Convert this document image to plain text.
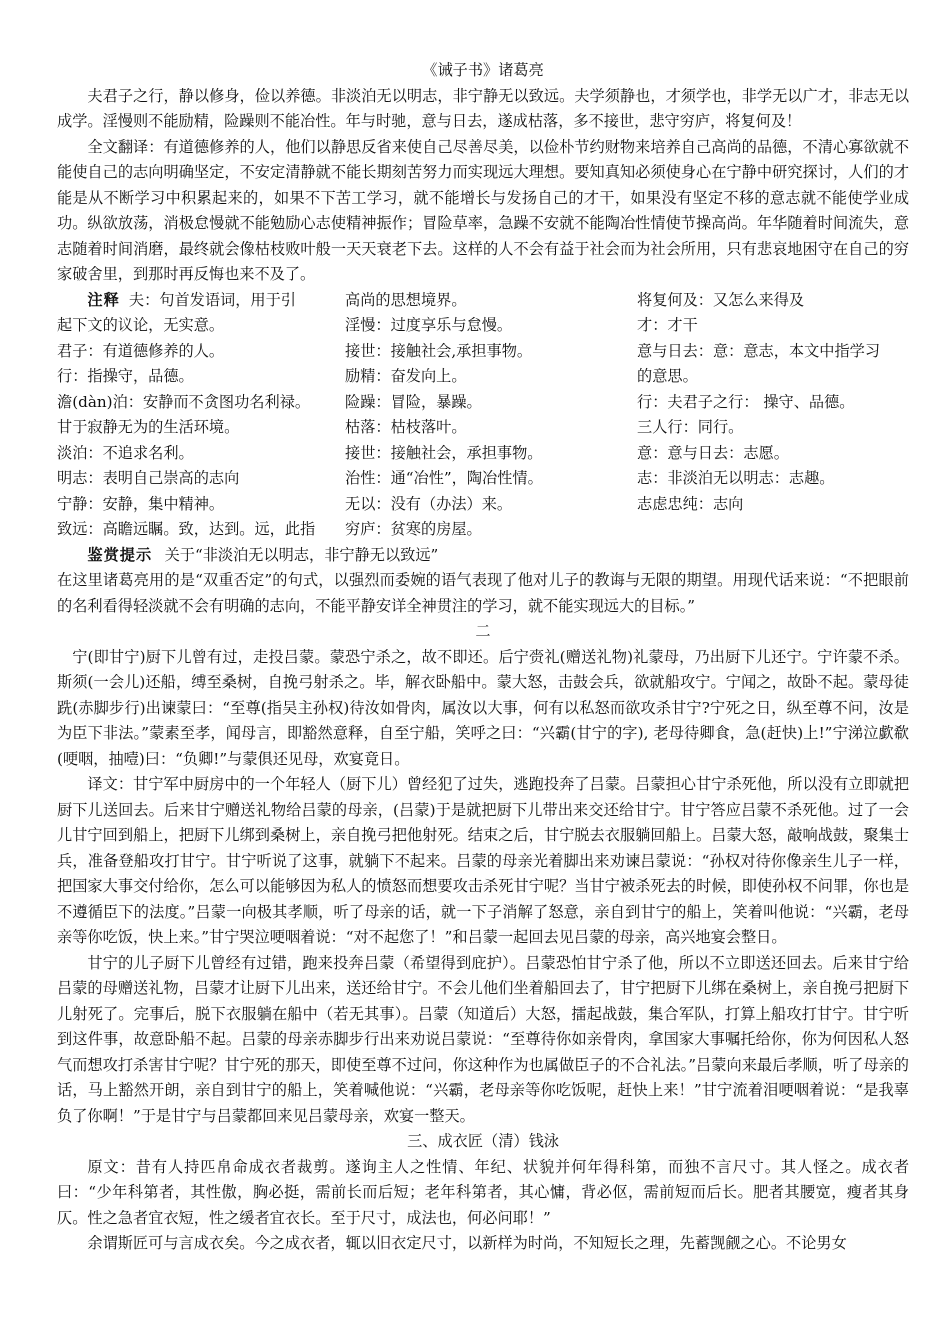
《诫子书》诸葛亮

夫君子之行，静以修身，俭以养德。非淡泊无以明志，非宁静无以致远。夫学须静也，才须学也，非学无以广才，非志无以成学。淫慢则不能励精，险躁则不能冶性。年与时驰，意与日去，遂成枯落，多不接世，悲守穷庐，将复何及！

全文翻译：有道德修养的人，他们以静思反省来使自己尽善尽美，以俭朴节约财物来培养自己高尚的品德，不清心寡欲就不能使自己的志向明确坚定，不安定清静就不能长期刻苦努力而实现远大理想。要知真知必须使身心在宁静中研究探讨，人们的才能是从不断学习中积累起来的，如果不下苦工学习，就不能增长与发扬自己的才干，如果没有坚定不移的意志就不能使学业成功。纵欲放荡，消极怠慢就不能勉励心志使精神振作；冒险草率，急躁不安就不能陶冶性情使节操高尚。年华随着时间流失，意志随着时间消磨，最终就会像枯枝败叶般一天天衰老下去。这样的人不会有益于社会而为社会所用，只有悲哀地困守在自己的穷家破舍里，到那时再反悔也来不及了。

注释 夫：句首发语词，用于引
起下文的议论，无实意。
君子：有道德修养的人。
行：指操守，品德。
澹(dàn)泊：安静而不贪图功名利禄。
甘于寂静无为的生活环境。
淡泊：不追求名利。
明志：表明自己崇高的志向
宁静：安静，集中精神。
致远：高瞻远瞩。致，达到。远，此指
高尚的思想境界。
淫慢：过度享乐与怠慢。
接世：接触社会,承担事物。
励精：奋发向上。
险躁：冒险，暴躁。
枯落：枯枝落叶。
接世：接触社会，承担事物。
治性：通“冶性”，陶冶性情。
无以：没有（办法）来。
穷庐：贫寒的房屋。
将复何及：又怎么来得及
才：才干
意与日去：意：意志，本文中指学习
的意思。
行：夫君子之行： 操守、品德。
三人行：同行。
意：意与日去：志愿。
志：非淡泊无以明志：志趣。
志虑忠纯：志向
鉴赏提示 关于“非淡泊无以明志，非宁静无以致远”

在这里诸葛亮用的是“双重否定”的句式，以强烈而委婉的语气表现了他对儿子的教诲与无限的期望。用现代话来说：“不把眼前的名利看得轻淡就不会有明确的志向，不能平静安详全神贯注的学习，就不能实现远大的目标。”

二

宁(即甘宁)厨下儿曾有过，走投吕蒙。蒙恐宁杀之，故不即还。后宁赍礼(赠送礼物)礼蒙母，乃出厨下儿还宁。宁许蒙不杀。斯须(一会儿)还船，缚至桑树，自挽弓射杀之。毕，解衣卧船中。蒙大怒，击鼓会兵，欲就船攻宁。宁闻之，故卧不起。蒙母徒跣(赤脚步行)出谏蒙曰：“至尊(指吴主孙权)待汝如骨肉，属汝以大事，何有以私怒而欲攻杀甘宁?宁死之日，纵至尊不问，汝是为臣下非法。”蒙素至孝，闻母言，即豁然意释，自至宁船，笑呼之曰：“兴霸(甘宁的字), 老母待卿食，急(赶快)上!”宁涕泣歔欷(哽咽，抽噎)曰：“负卿!”与蒙俱还见母，欢宴竟日。

译文：甘宁军中厨房中的一个年轻人（厨下儿）曾经犯了过失，逃跑投奔了吕蒙。吕蒙担心甘宁杀死他，所以没有立即就把厨下儿送回去。后来甘宁赠送礼物给吕蒙的母亲，(吕蒙)于是就把厨下儿带出来交还给甘宁。甘宁答应吕蒙不杀死他。过了一会儿甘宁回到船上，把厨下儿绑到桑树上，亲自挽弓把他射死。结束之后，甘宁脱去衣服躺回船上。吕蒙大怒，敲响战鼓，聚集士兵，准备登船攻打甘宁。甘宁听说了这事，就躺下不起来。吕蒙的母亲光着脚出来劝谏吕蒙说：“孙权对待你像亲生儿子一样，把国家大事交付给你，怎么可以能够因为私人的愤怒而想要攻击杀死甘宁呢？当甘宁被杀死去的时候，即使孙权不问罪，你也是不遵循臣下的法度。”吕蒙一向极其孝顺，听了母亲的话，就一下子消解了怒意，亲自到甘宁的船上，笑着叫他说：“兴霸，老母亲等你吃饭，快上来。”甘宁哭泣哽咽着说：“对不起您了！”和吕蒙一起回去见吕蒙的母亲，高兴地宴会整日。

甘宁的儿子厨下儿曾经有过错，跑来投奔吕蒙（希望得到庇护）。吕蒙恐怕甘宁杀了他，所以不立即送还回去。后来甘宁给吕蒙的母赠送礼物，吕蒙才让厨下儿出来，送还给甘宁。不会儿他们坐着船回去了，甘宁把厨下儿绑在桑树上，亲自挽弓把厨下儿射死了。完事后，脱下衣服躺在船中（若无其事）。吕蒙（知道后）大怒，擂起战鼓，集合军队，打算上船攻打甘宁。甘宁听到这件事，故意卧船不起。吕蒙的母亲赤脚步行出来劝说吕蒙说：“至尊待你如亲骨肉，拿国家大事嘱托给你，你为何因私人怒气而想攻打杀害甘宁呢？甘宁死的那天，即使至尊不过问，你这种作为也属做臣子的不合礼法。”吕蒙向来最后孝顺，听了母亲的话，马上豁然开朗，亲自到甘宁的船上，笑着喊他说：“兴霸，老母亲等你吃饭呢，赶快上来！”甘宁流着泪哽咽着说：“是我辜负了你啊！”于是甘宁与吕蒙都回来见吕蒙母亲，欢宴一整天。

三、成衣匠（清）钱泳

原文：昔有人持匹帛命成衣者裁剪。遂询主人之性情、年纪、状貌并何年得科第，而独不言尺寸。其人怪之。成衣者曰：“少年科第者，其性傲，胸必挺，需前长而后短；老年科第者，其心慵，背必伛，需前短而后长。肥者其腰宽，瘦者其身仄。性之急者宜衣短，性之缓者宜衣长。至于尺寸，成法也，何必问耶！”

余谓斯匠可与言成衣矣。今之成衣者，辄以旧衣定尺寸，以新样为时尚，不知短长之理，先蓄觊觎之心。不论男女
